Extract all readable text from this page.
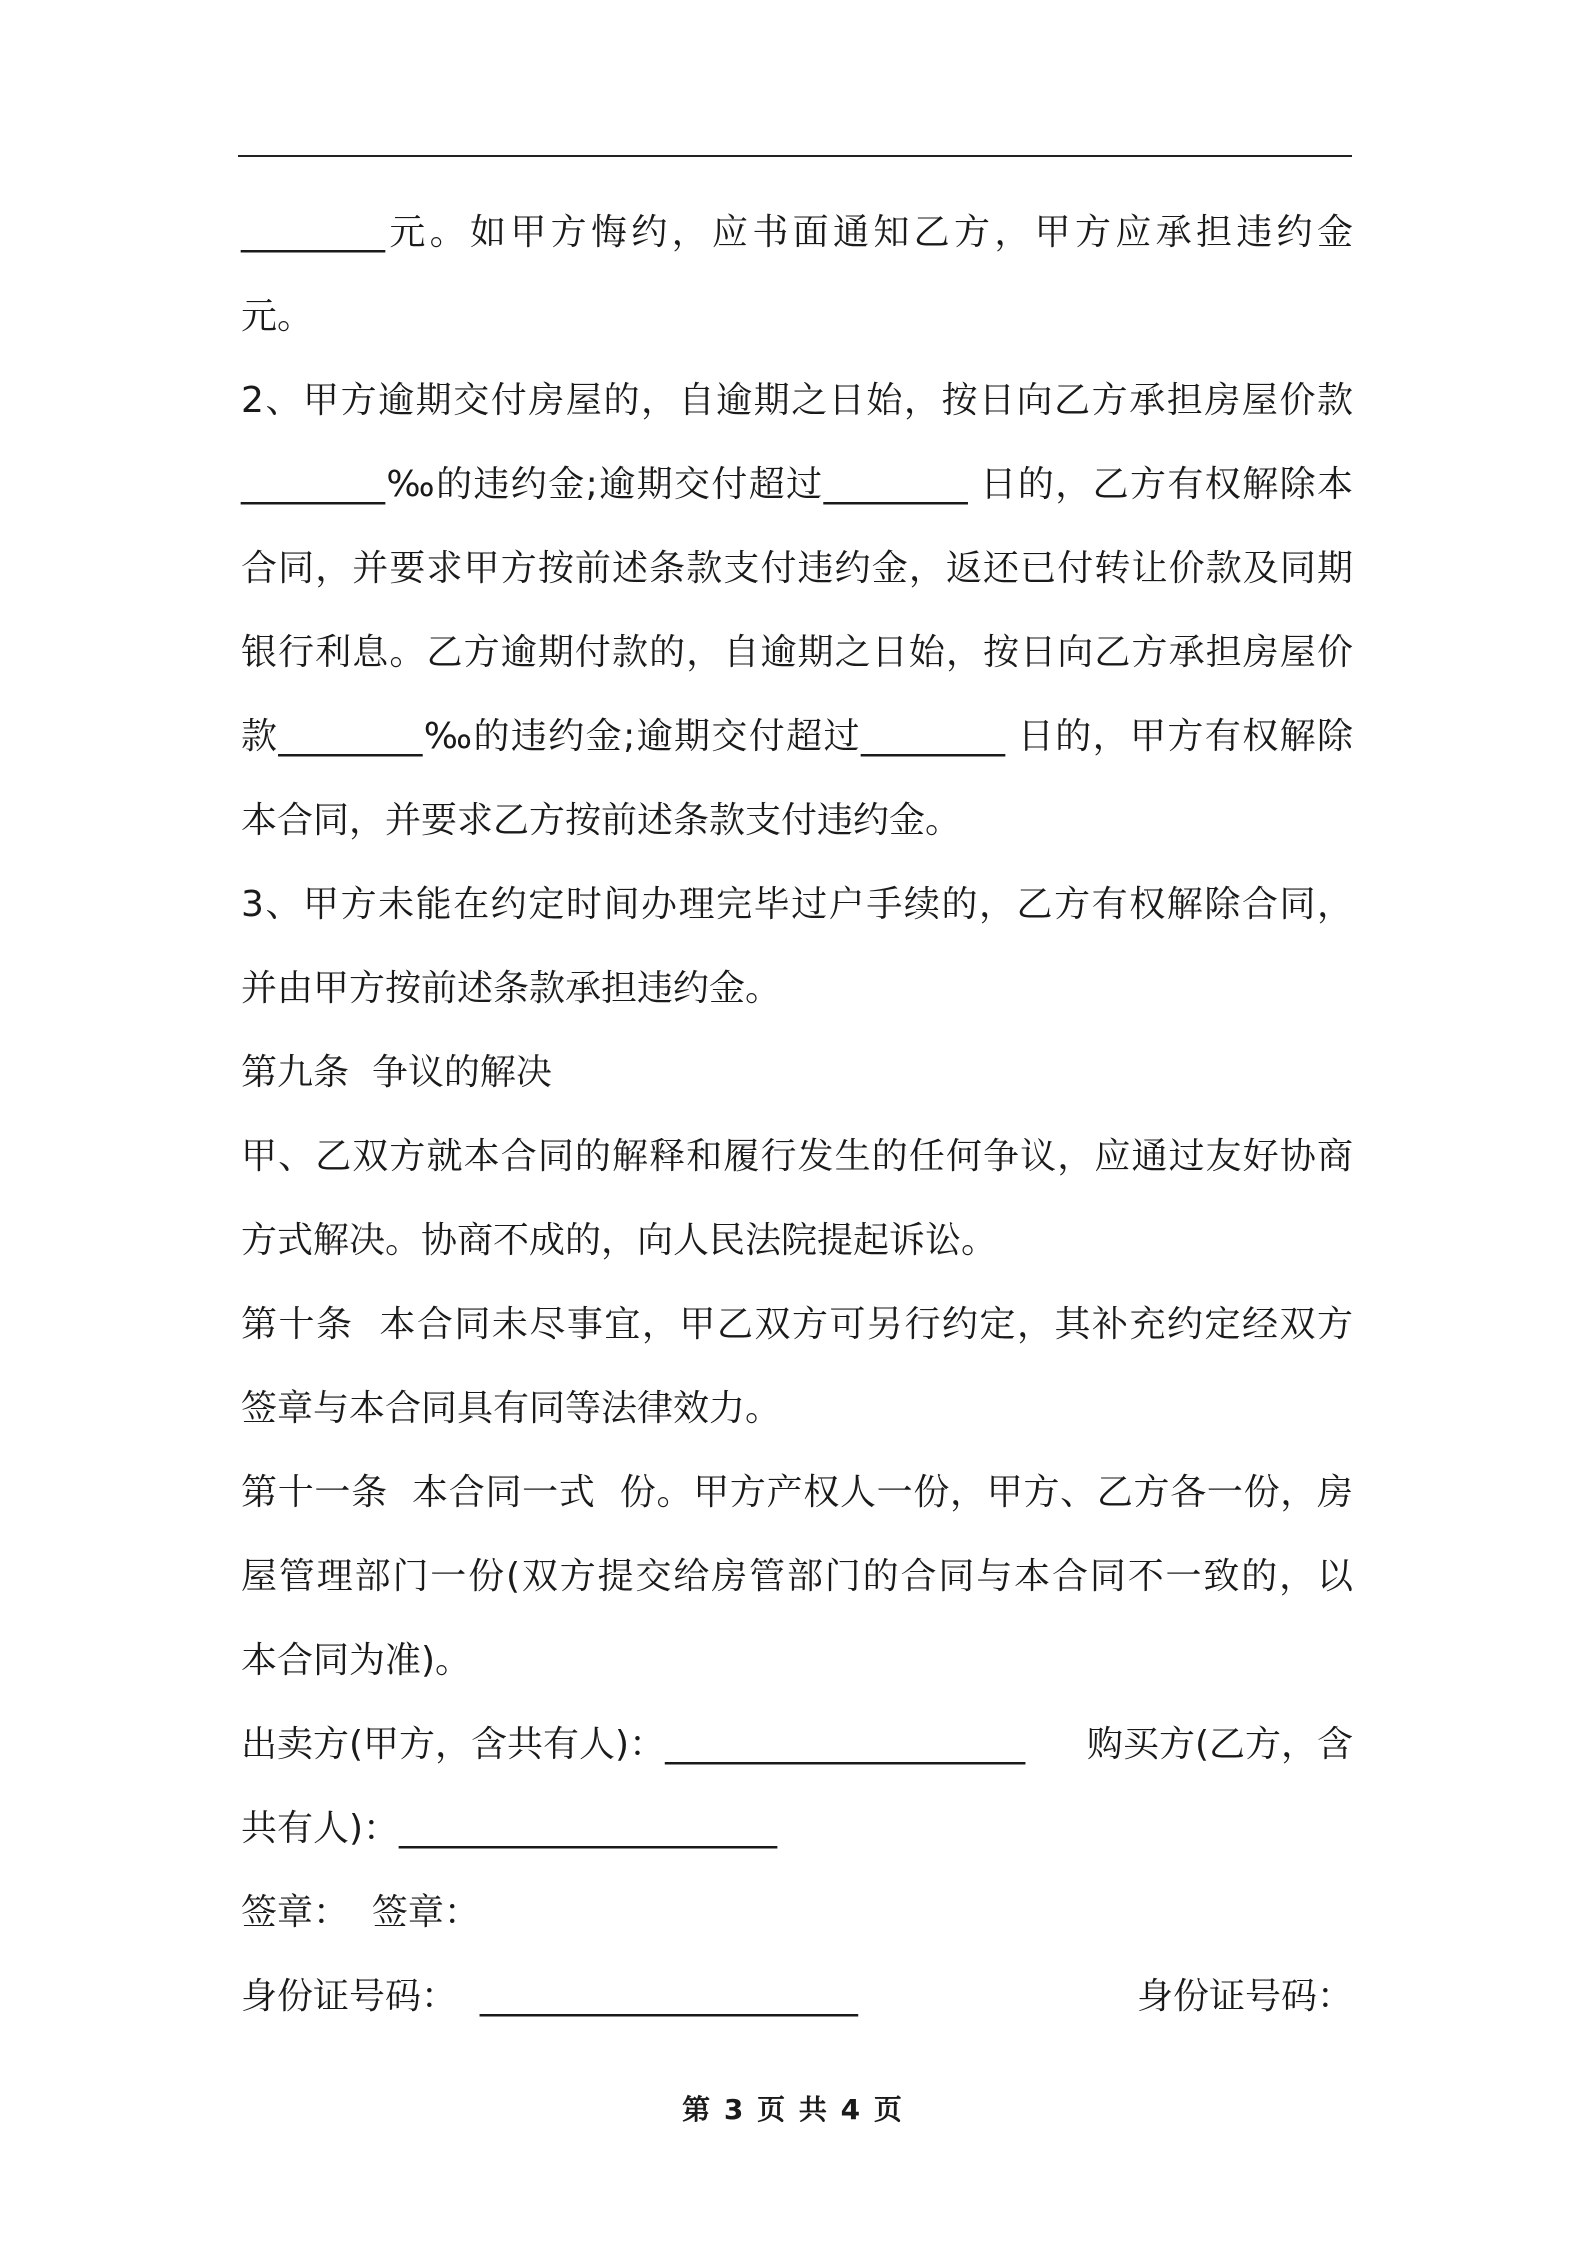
________元。如甲方悔约，应书面通知乙方，甲方应承担违约金
元。
2、甲方逾期交付房屋的，自逾期之日始，按日向乙方承担房屋价款
________‰的违约金;逾期交付超过________ 日的，乙方有权解除本
合同，并要求甲方按前述条款支付违约金，返还已付转让价款及同期
银行利息。乙方逾期付款的，自逾期之日始，按日向乙方承担房屋价
款________‰的违约金;逾期交付超过________ 日的，甲方有权解除
本合同，并要求乙方按前述条款支付违约金。
3、甲方未能在约定时间办理完毕过户手续的，乙方有权解除合同，
并由甲方按前述条款承担违约金。
第九条  争议的解决
甲、乙双方就本合同的解释和履行发生的任何争议，应通过友好协商
方式解决。协商不成的，向人民法院提起诉讼。
第十条  本合同未尽事宜，甲乙双方可另行约定，其补充约定经双方
签章与本合同具有同等法律效力。
第十一条  本合同一式  份。甲方产权人一份，甲方、乙方各一份，房
屋管理部门一份(双方提交给房管部门的合同与本合同不一致的，以
本合同为准)。
出卖方(甲方，含共有人)：____________________ 购买方(乙方，含
共有人)：_____________________
签章：  签章：
身份证号码：  _____________________	身份证号码：
第 3 页 共 4 页
